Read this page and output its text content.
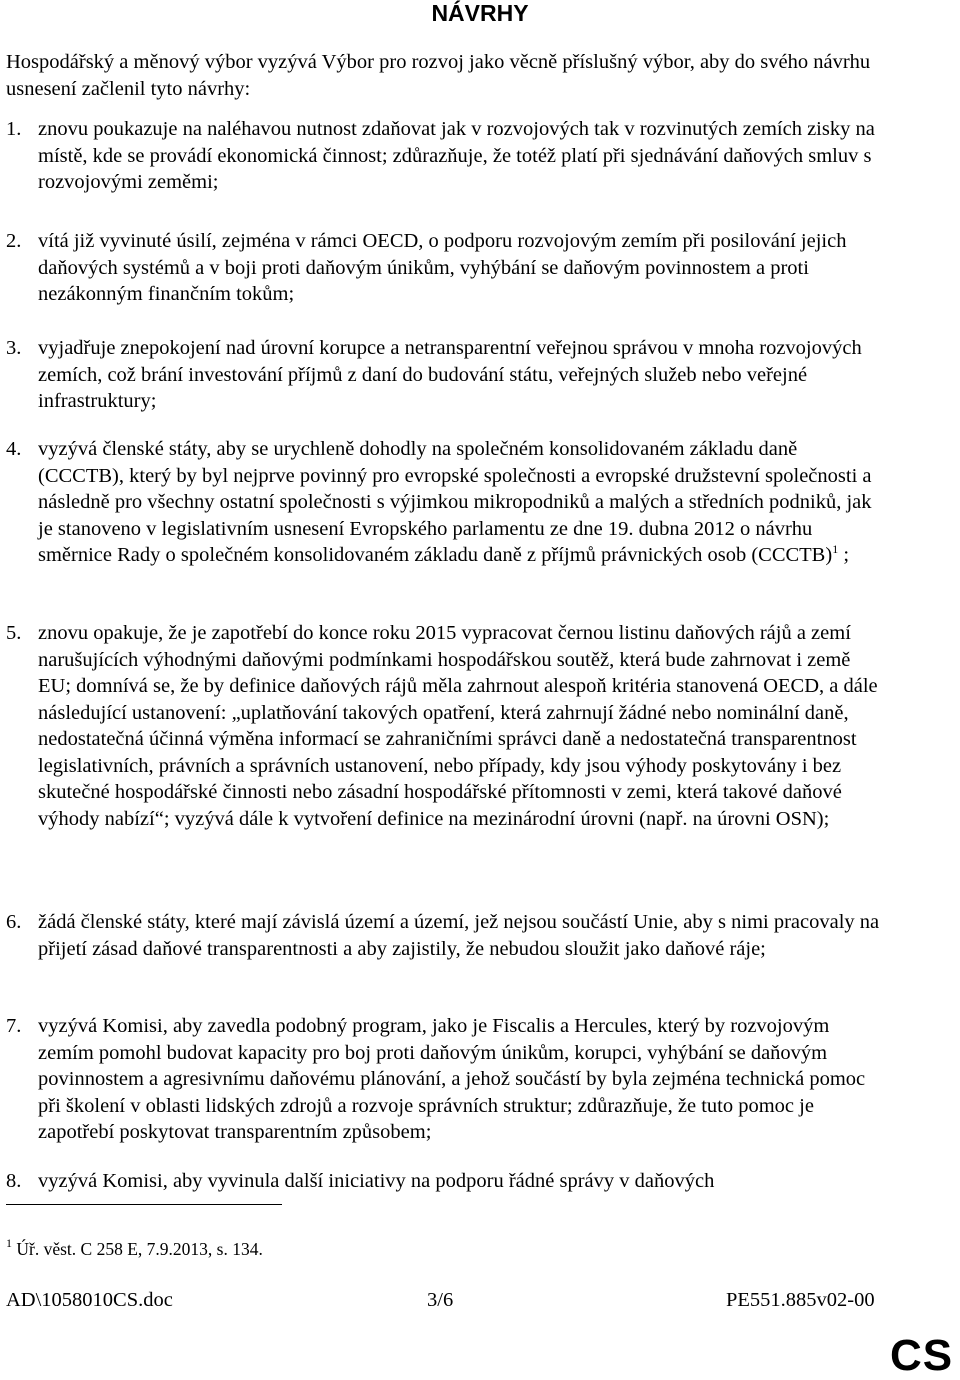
NÁVRHY
Hospodářský a měnový výbor vyzývá Výbor pro rozvoj jako věcně příslušný výbor, aby do svého návrhu usnesení začlenil tyto návrhy:
1. znovu poukazuje na naléhavou nutnost zdaňovat jak v rozvojových tak v rozvinutých zemích zisky na místě, kde se provádí ekonomická činnost; zdůrazňuje, že totéž platí při sjednávání daňových smluv s rozvojovými zeměmi;
2. vítá již vyvinuté úsilí, zejména v rámci OECD, o podporu rozvojovým zemím při posilování jejich daňových systémů a v boji proti daňovým únikům, vyhýbání se daňovým povinnostem a proti nezákonným finančním tokům;
3. vyjadřuje znepokojení nad úrovní korupce a netransparentní veřejnou správou v mnoha rozvojových zemích, což brání investování příjmů z daní do budování státu, veřejných služeb nebo veřejné infrastruktury;
4. vyzývá členské státy, aby se urychleně dohodly na společném konsolidovaném základu daně (CCCTB), který by byl nejprve povinný pro evropské společnosti a evropské družstevní společnosti a následně pro všechny ostatní společnosti s výjimkou mikropodniků a malých a středních podniků, jak je stanoveno v legislativním usnesení Evropského parlamentu ze dne 19. dubna 2012 o návrhu směrnice Rady o společném konsolidovaném základu daně z příjmů právnických osob (CCCTB)$^1$ ;
5. znovu opakuje, že je zapotřebí do konce roku 2015 vypracovat černou listinu daňových rájů a zemí narušujících výhodnými daňovými podmínkami hospodářskou soutěž, která bude zahrnovat i země EU; domnívá se, že by definice daňových rájů měla zahrnout alespoň kritéria stanovená OECD, a dále následující ustanovení: „uplatňování takových opatření, která zahrnují žádné nebo nominální daně, nedostatečná účinná výměna informací se zahraničními správci daně a nedostatečná transparentnost legislativních, právních a správních ustanovení, nebo případy, kdy jsou výhody poskytovány i bez skutečné hospodářské činnosti nebo zásadní hospodářské přítomnosti v zemi, která takové daňové výhody nabízí“; vyzývá dále k vytvoření definice na mezinárodní úrovni (např. na úrovni OSN);
6. žádá členské státy, které mají závislá území a území, jež nejsou součástí Unie, aby s nimi pracovaly na přijetí zásad daňové transparentnosti a aby zajistily, že nebudou sloužit jako daňové ráje;
7. vyzývá Komisi, aby zavedla podobný program, jako je Fiscalis a Hercules, který by rozvojovým zemím pomohl budovat kapacity pro boj proti daňovým únikům, korupci, vyhýbání se daňovým povinnostem a agresivnímu daňovému plánování, a jehož součástí by byla zejména technická pomoc při školení v oblasti lidských zdrojů a rozvoje správních struktur; zdůrazňuje, že tuto pomoc je zapotřebí poskytovat transparentním způsobem;
8. vyzývá Komisi, aby vyvinula další iniciativy na podporu řádné správy v daňových
$^1$ Úř. věst. C 258 E, 7.9.2013, s. 134.
AD\1058010CS.doc	3/6	PE551.885v02-00
CS
